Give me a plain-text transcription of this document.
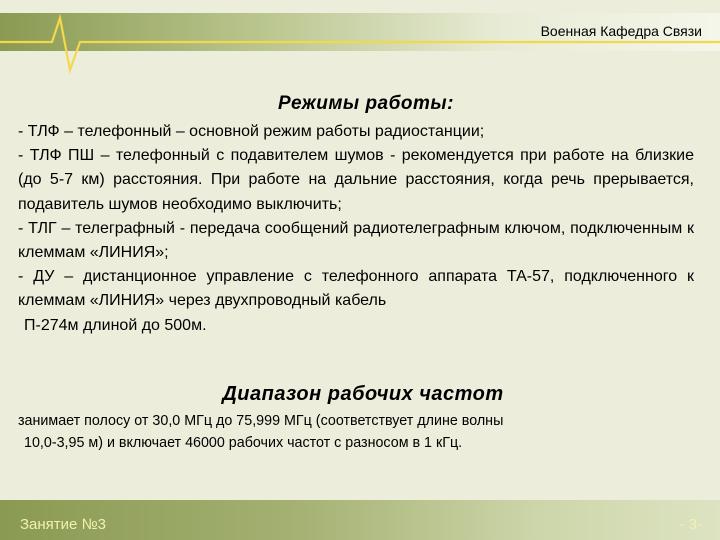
Военная Кафедра Связи
Режимы работы:
- ТЛФ – телефонный – основной режим работы радиостанции;
- ТЛФ ПШ – телефонный с подавителем шумов - рекомендуется при работе на близкие (до 5-7 км) расстояния. При работе на дальние расстояния, когда речь прерывается, подавитель шумов необходимо выключить;
- ТЛГ – телеграфный - передача сообщений радиотелеграфным ключом, подключенным к клеммам «ЛИНИЯ»;
- ДУ – дистанционное управление с телефонного аппарата ТА-57, подключенного к клеммам «ЛИНИЯ» через двухпроводный кабель
П-274м длиной до 500м.
Диапазон рабочих частот
занимает полосу от 30,0 МГц до 75,999 МГц (соответствует длине волны
10,0-3,95 м) и включает 46000 рабочих частот с разносом в 1 кГц.
Занятие №3	- 3-
